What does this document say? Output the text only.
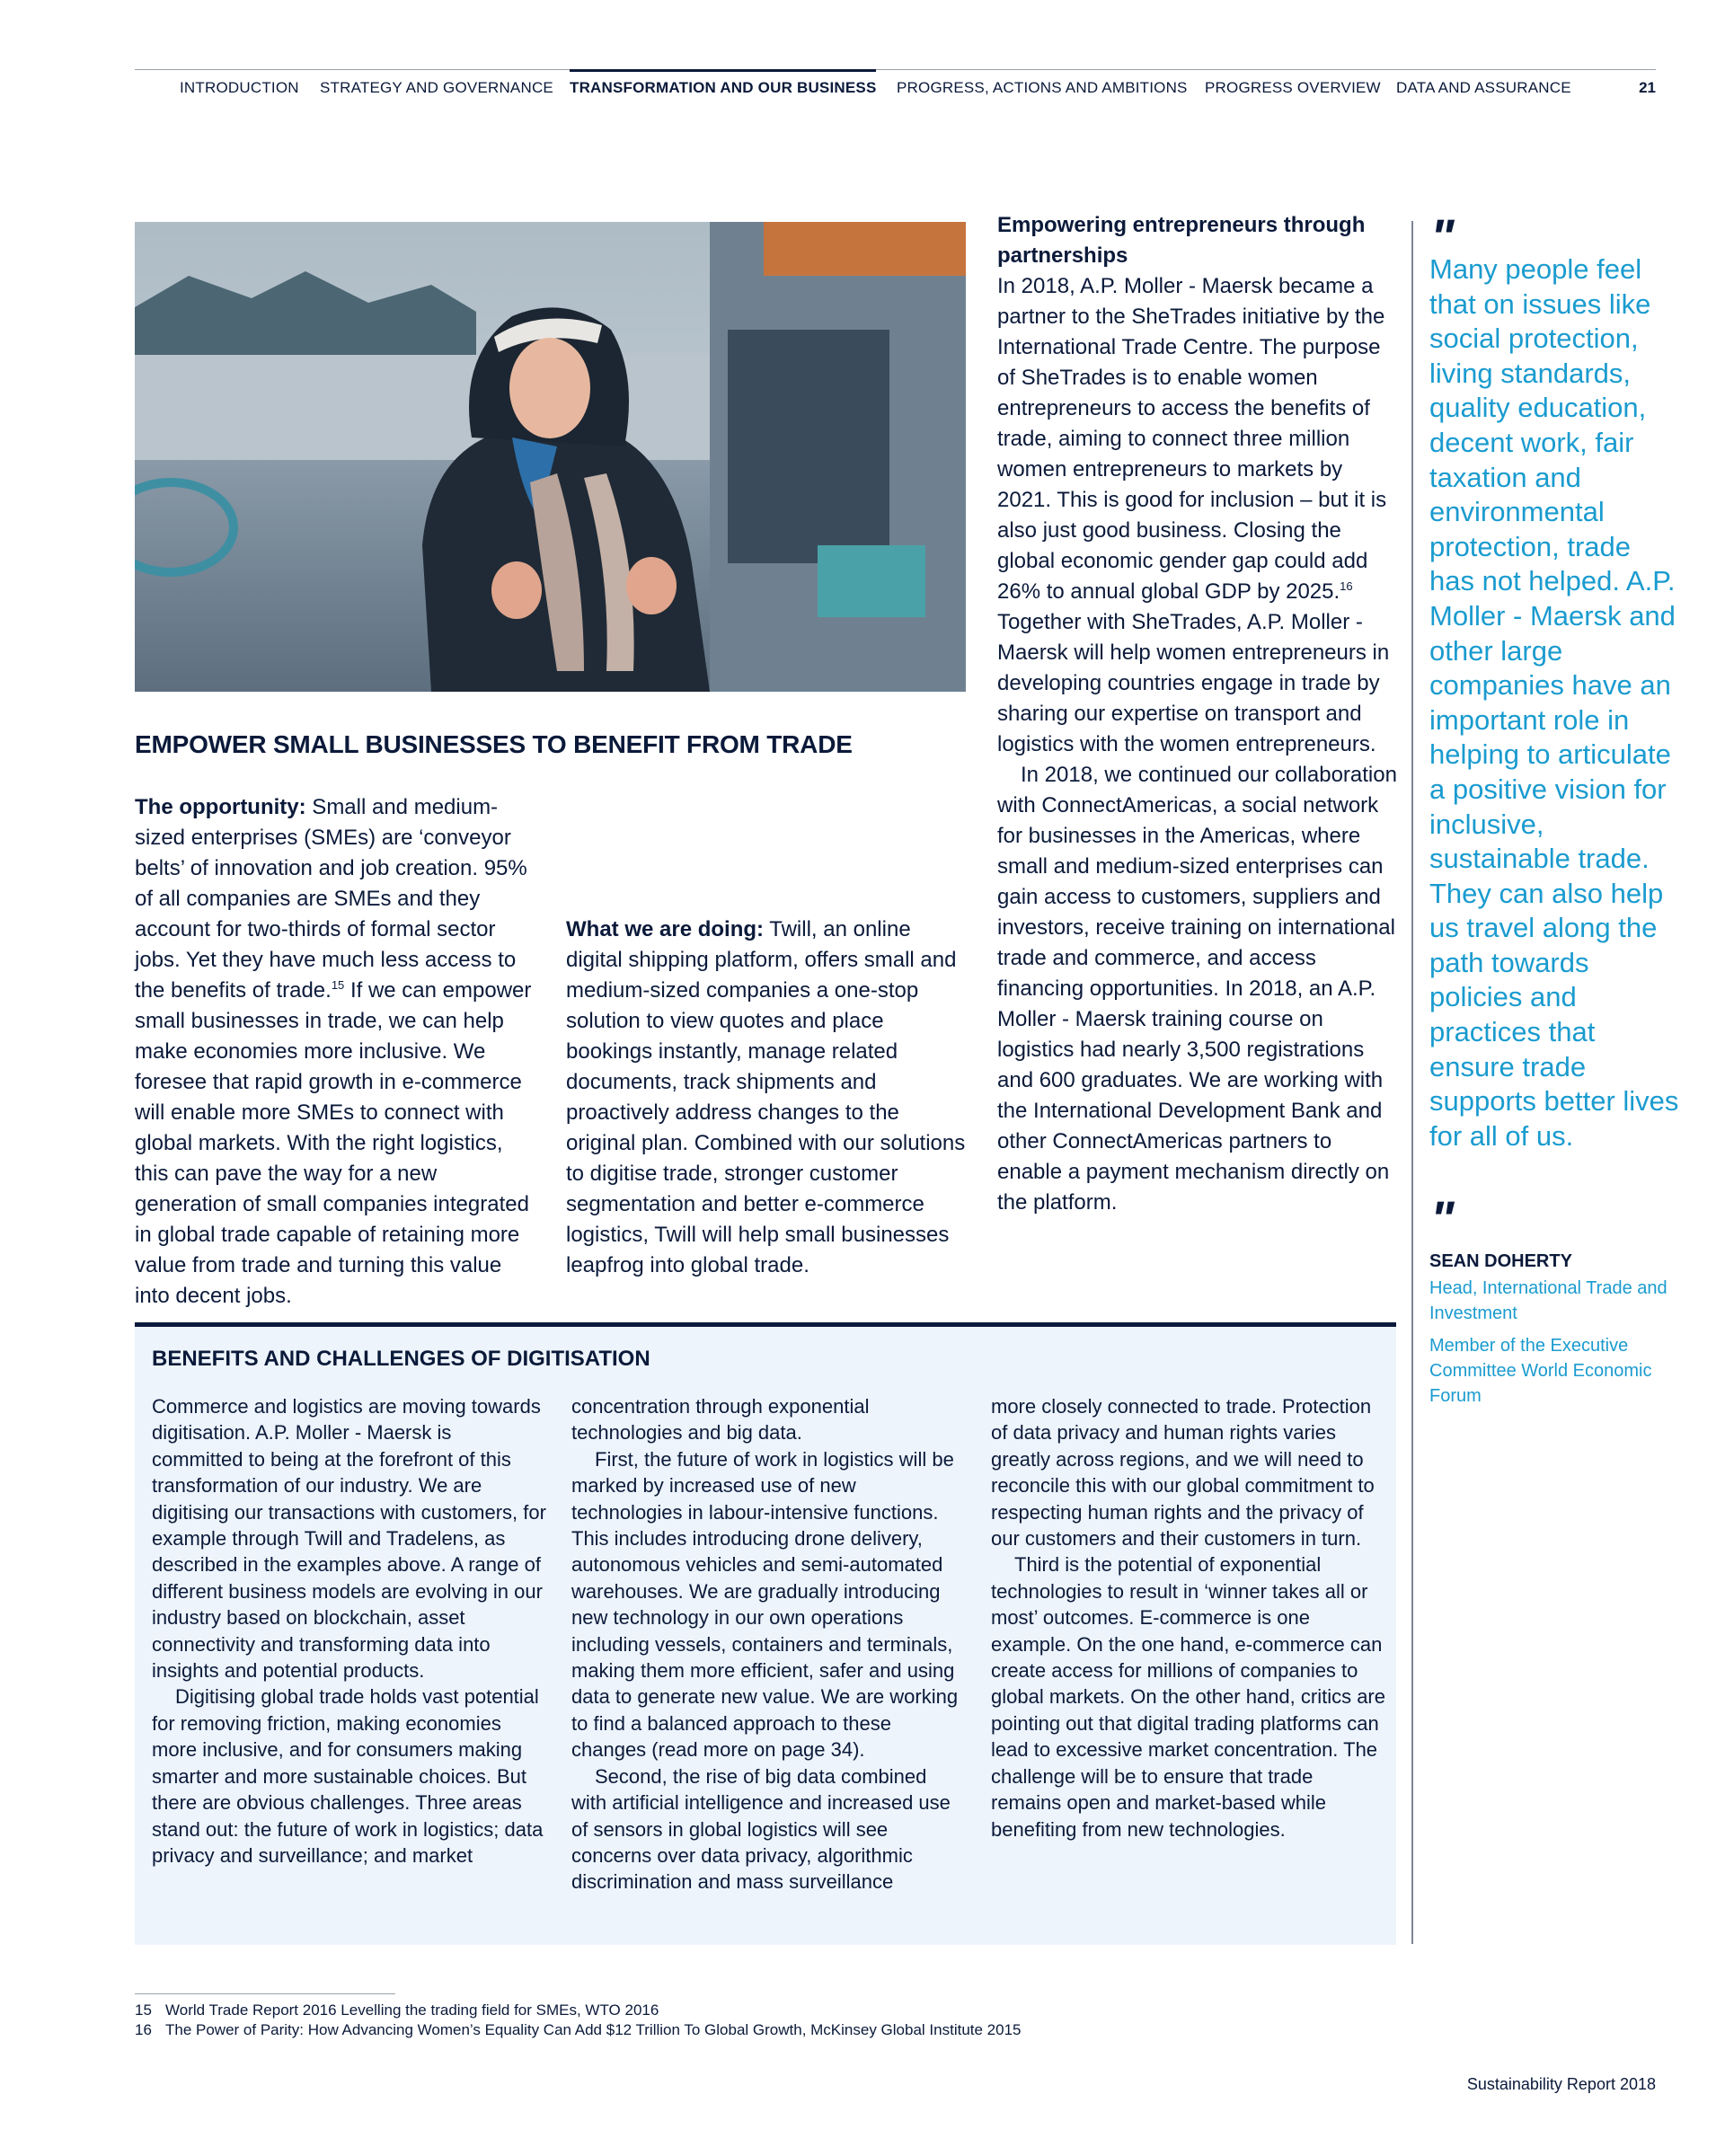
INTRODUCTION STRATEGY AND GOVERNANCE TRANSFORMATION AND OUR BUSINESS PROGRESS, ACTIONS AND AMBITIONS PROGRESS OVERVIEW DATA AND ASSURANCE	21
EMPOWER SMALL BUSINESSES TO BENEFIT FROM TRADE

The opportunity: Small and medium-sized enterprises (SMEs) are ‘conveyor belts’ of innovation and job creation. 95% of all companies are SMEs and they account for two-thirds of formal sector jobs. Yet they have much less access to the benefits of trade.$^{15}$ If we can empower small businesses in trade, we can help make economies more inclusive. We foresee that rapid growth in e-commerce will enable more SMEs to connect with global markets. With the right logistics, this can pave the way for a new generation of small companies integrated in global trade capable of retaining more value from trade and turning this value into decent jobs.

What we are doing: Twill, an online digital shipping platform, offers small and medium-sized companies a one-stop solution to view quotes and place bookings instantly, manage related documents, track shipments and proactively address changes to the original plan. Combined with our solutions to digitise trade, stronger customer segmentation and better e-commerce logistics, Twill will help small businesses leapfrog into global trade.

Empowering entrepreneurs through partnerships

In 2018, A.P. Moller - Maersk became a partner to the SheTrades initiative by the International Trade Centre. The purpose of SheTrades is to enable women entrepreneurs to access the benefits of trade, aiming to connect three million women entrepreneurs to markets by 2021. This is good for inclusion – but it is also just good business. Closing the global economic gender gap could add 26% to annual global GDP by 2025.16 Together with SheTrades, A.P. Moller - Maersk will help women entrepreneurs in developing countries engage in trade by sharing our expertise on transport and logistics with the women entrepreneurs.

In 2018, we continued our collaboration with ConnectAmericas, a social network for businesses in the Americas, where small and medium-sized enterprises can gain access to customers, suppliers and investors, receive training on international trade and commerce, and access financing opportunities. In 2018, an A.P. Moller - Maersk training course on logistics had nearly 3,500 registrations and 600 graduates. We are working with the International Development Bank and other ConnectAmericas partners to enable a payment mechanism directly on the platform.

"
Many people feel that on issues like social protection, living standards, quality education, decent work, fair taxation and environmental protection, trade has not helped. A.P. Moller - Maersk and other large companies have an important role in helping to articulate a positive vision for inclusive, sustainable trade. They can also help us travel along the path towards policies and practices that ensure trade supports better lives for all of us.
"
SEAN DOHERTY

Head, International Trade and Investment

Member of the Executive Committee World Economic Forum

BENEFITS AND CHALLENGES OF DIGITISATION

Commerce and logistics are moving towards digitisation. A.P. Moller - Maersk is committed to being at the forefront of this transformation of our industry. We are digitising our transactions with customers, for example through Twill and Tradelens, as described in the examples above. A range of different business models are evolving in our industry based on blockchain, asset connectivity and transforming data into insights and potential products.

Digitising global trade holds vast potential for removing friction, making economies more inclusive, and for consumers making smarter and more sustainable choices. But there are obvious challenges. Three areas stand out: the future of work in logistics; data privacy and surveillance; and market

concentration through exponential technologies and big data.

First, the future of work in logistics will be marked by increased use of new technologies in labour-intensive functions. This includes introducing drone delivery, autonomous vehicles and semi-automated warehouses. We are gradually introducing new technology in our own operations including vessels, containers and terminals, making them more efficient, safer and using data to generate new value. We are working to find a balanced approach to these changes (read more on page 34).

Second, the rise of big data combined with artificial intelligence and increased use of sensors in global logistics will see concerns over data privacy, algorithmic discrimination and mass surveillance

more closely connected to trade. Protection of data privacy and human rights varies greatly across regions, and we will need to reconcile this with our global commitment to respecting human rights and the privacy of our customers and their customers in turn.

Third is the potential of exponential technologies to result in ‘winner takes all or most’ outcomes. E-commerce is one example. On the one hand, e-commerce can create access for millions of companies to global markets. On the other hand, critics are pointing out that digital trading platforms can lead to excessive market concentration. The challenge will be to ensure that trade remains open and market-based while benefiting from new technologies.

15 World Trade Report 2016 Levelling the trading field for SMEs, WTO 2016
16 The Power of Parity: How Advancing Women’s Equality Can Add $12 Trillion To Global Growth, McKinsey Global Institute 2015
Sustainability Report 2018
